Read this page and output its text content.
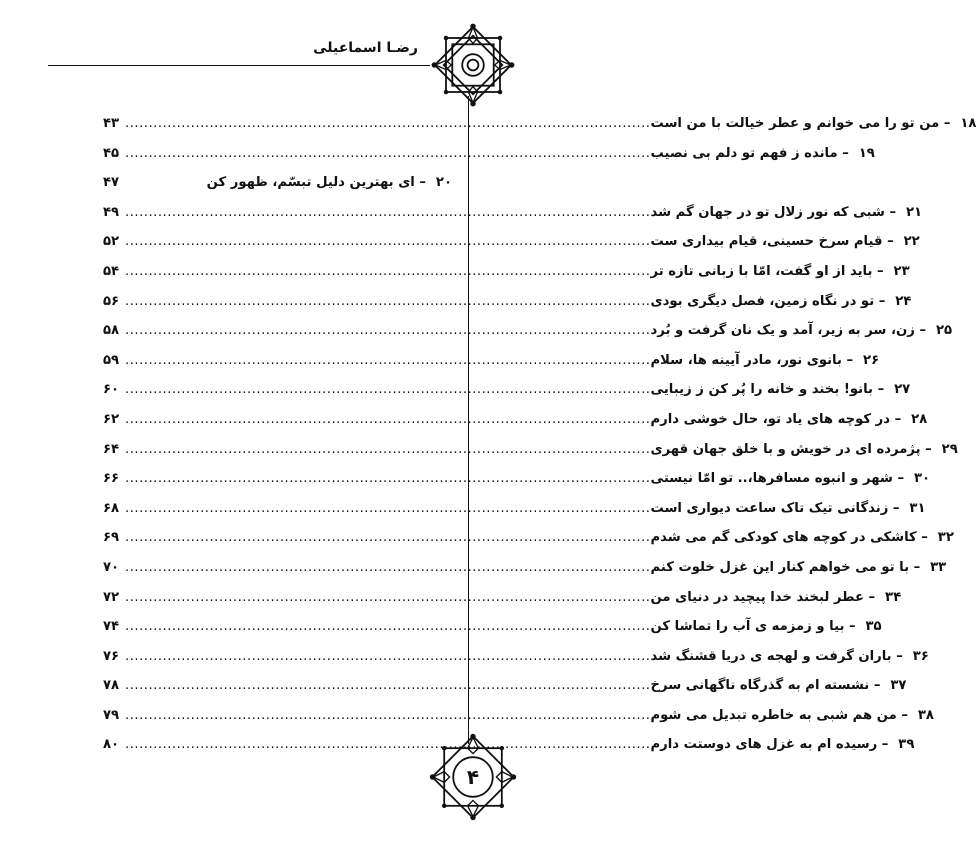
رضـا اسماعیلی
۴۳ .....	– من تو را می خوانم و عطر خیالت با من است ۱۸
۴۵ .....	– مانده ز فهم تو دلم بی نصیب ۱۹
۴۷	– ای بهترین دلیل تبسّم، ظهور کن ۲۰
۴۹ .....	– شبی که نور زلال تو در جهان گم شد ۲۱
۵۲ .....	– قیام سرخ حسینی، قیام بیداری ست ۲۲
۵۴ .....	– باید از او گفت، امّا با زبانی تازه تر ۲۳
۵۶ .....	– تو در نگاه زمین، فصل دیگری بودی ۲۴
۵۸ .....	– زن، سر به زیر، آمد و یک نان گرفت و بُرد ۲۵
۵۹ .....	– بانوی نور، مادر آیینه ها، سلام ۲۶
۶۰ .....	– بانو! بخند و خانه را پُر کن ز زیبایی ۲۷
۶۲ .....	– در کوچه های یاد تو، حال خوشی دارم ۲۸
۶۴ .....	– پژمرده ای در خویش و با خلق جهان قهری ۲۹
۶۶ .....	– شهر و انبوه مسافرها،.. تو امّا نیستی ۳۰
۶۸ .....	– زندگانی تیک تاک ساعت دیواری است ۳۱
۶۹ .....	– کاشکی در کوچه های کودکی گم می شدم ۳۲
۷۰ .....	– با تو می خواهم کنار این غزل خلوت کنم ۳۳
۷۲ .....	– عطر لبخند خدا پیچید در دنیای من ۳۴
۷۴ .....	– بیا و زمزمه ی آب را تماشا کن ۳۵
۷۶ .....	– باران گرفت و لهجه ی دریا قشنگ شد ۳۶
۷۸ .....	– نشسته ام به گذرگاه ناگهانی سرخ ۳۷
۷۹ .....	– من هم شبی به خاطره تبدیل می شوم ۳۸
۸۰ .....	– رسیده ام به غزل های دوستت دارم ۳۹
۴
